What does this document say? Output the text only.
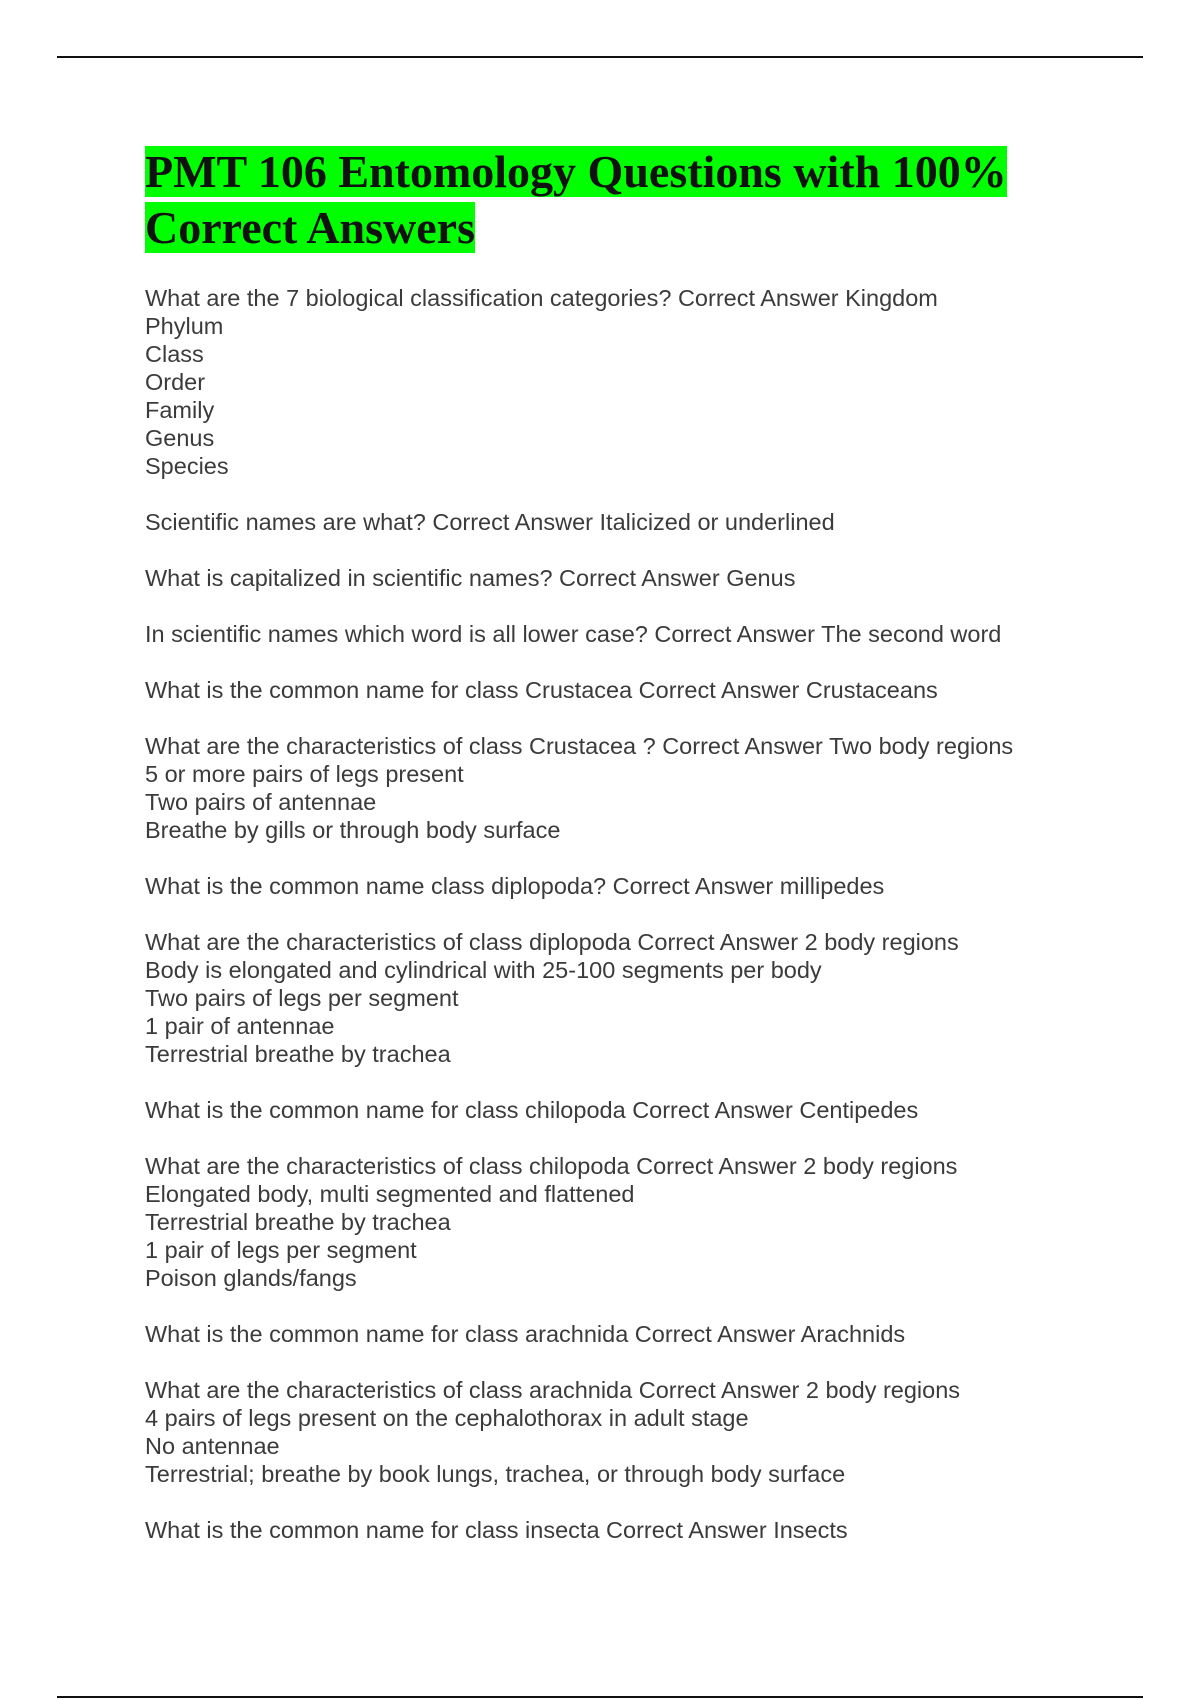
PMT 106 Entomology Questions with 100% Correct Answers
What are the 7 biological classification categories? Correct Answer Kingdom
Phylum
Class
Order
Family
Genus
Species
Scientific names are what? Correct Answer Italicized or underlined
What is capitalized in scientific names? Correct Answer Genus
In scientific names which word is all lower case? Correct Answer The second word
What is the common name for class Crustacea Correct Answer Crustaceans
What are the characteristics of class Crustacea ? Correct Answer Two body regions
5 or more pairs of legs present
Two pairs of antennae
Breathe by gills or through body surface
What is the common name class diplopoda? Correct Answer millipedes
What are the characteristics of class diplopoda Correct Answer 2 body regions
Body is elongated and cylindrical with 25-100 segments per body
Two pairs of legs per segment
1 pair of antennae
Terrestrial breathe by trachea
What is the common name for class chilopoda Correct Answer Centipedes
What are the characteristics of class chilopoda Correct Answer 2 body regions
Elongated body, multi segmented and flattened
Terrestrial breathe by trachea
1 pair of legs per segment
Poison glands/fangs
What is the common name for class arachnida Correct Answer Arachnids
What are the characteristics of class arachnida Correct Answer 2 body regions
4 pairs of legs present on the cephalothorax in adult stage
No antennae
Terrestrial; breathe by book lungs, trachea, or through body surface
What is the common name for class insecta Correct Answer Insects
